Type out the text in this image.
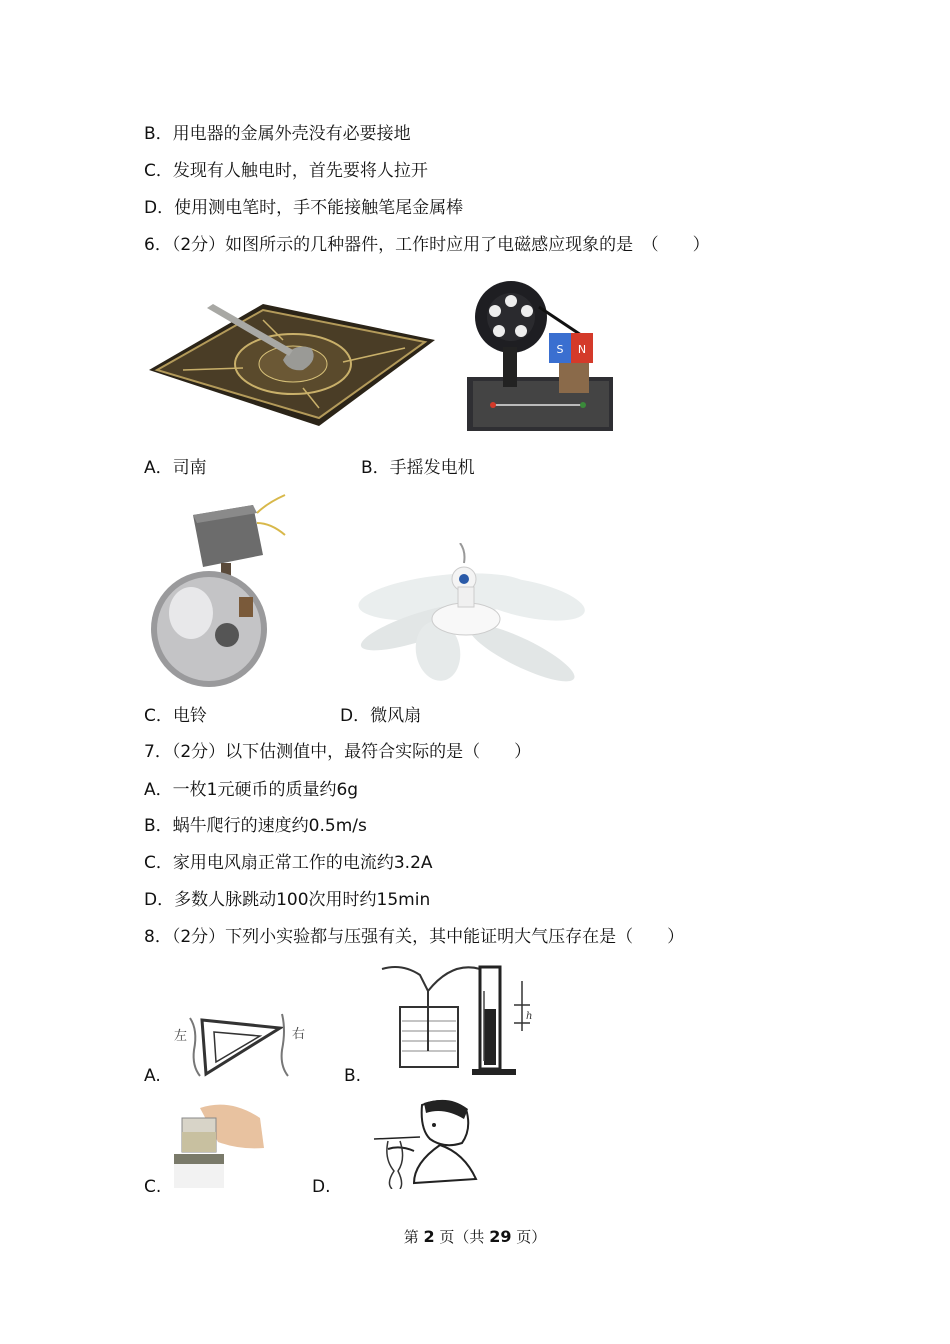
B．用电器的金属外壳没有必要接地
C．发现有人触电时，首先要将人拉开
D．使用测电笔时，手不能接触笔尾金属棒
6．（2分）如图所示的几种器件，工作时应用了电磁感应现象的是　（　　）
S N
A．司南	B．手摇发电机
C．电铃	D．微风扇
7．（2分）以下估测值中，最符合实际的是（　　）
A．一枚1元硬币的质量约6g
B．蜗牛爬行的速度约0.5m/s
C．家用电风扇正常工作的电流约3.2A
D．多数人脉跳动100次用时约15min
8．（2分）下列小实验都与压强有关，其中能证明大气压存在是（　　）
左	右
A.
h
B.
C.	D.
第 2 页（共 29 页）
